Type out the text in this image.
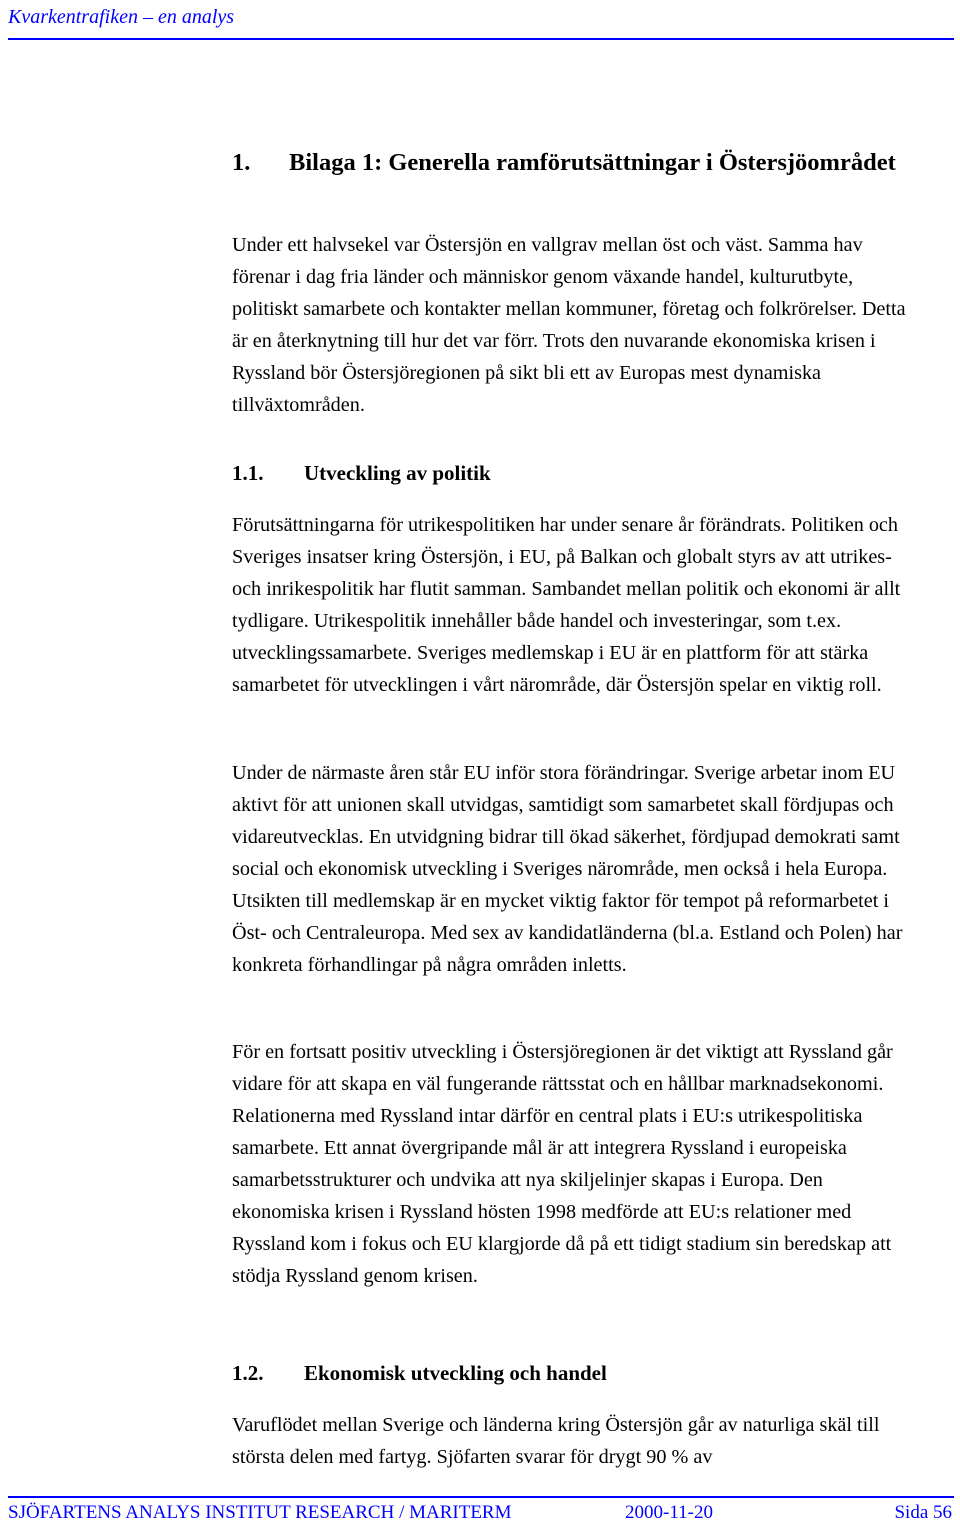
Kvarkentrafiken – en analys
1. Bilaga 1: Generella ramförutsättningar i Östersjöområdet

Under ett halvsekel var Östersjön en vallgrav mellan öst och väst. Samma hav förenar i dag fria länder och människor genom växande handel, kulturutbyte, politiskt samarbete och kontakter mellan kommuner, företag och folkrörelser. Detta är en återknytning till hur det var förr. Trots den nuvarande ekonomiska krisen i Ryssland bör Östersjöregionen på sikt bli ett av Europas mest dynamiska tillväxtområden.

1.1. Utveckling av politik

Förutsättningarna för utrikespolitiken har under senare år förändrats. Politiken och Sveriges insatser kring Östersjön, i EU, på Balkan och globalt styrs av att utrikes- och inrikespolitik har flutit samman. Sambandet mellan politik och ekonomi är allt tydligare. Utrikespolitik innehåller både handel och investeringar, som t.ex. utvecklingssamarbete. Sveriges medlemskap i EU är en plattform för att stärka samarbetet för utvecklingen i vårt närområde, där Östersjön spelar en viktig roll.

Under de närmaste åren står EU inför stora förändringar. Sverige arbetar inom EU aktivt för att unionen skall utvidgas, samtidigt som samarbetet skall fördjupas och vidareutvecklas. En utvidgning bidrar till ökad säkerhet, fördjupad demokrati samt social och ekonomisk utveckling i Sveriges närområde, men också i hela Europa. Utsikten till medlemskap är en mycket viktig faktor för tempot på reformarbetet i Öst- och Centraleuropa. Med sex av kandidatländerna (bl.a. Estland och Polen) har konkreta förhandlingar på några områden inletts.

För en fortsatt positiv utveckling i Östersjöregionen är det viktigt att Ryssland går vidare för att skapa en väl fungerande rättsstat och en hållbar marknadsekonomi. Relationerna med Ryssland intar därför en central plats i EU:s utrikespolitiska samarbete. Ett annat övergripande mål är att integrera Ryssland i europeiska samarbetsstrukturer och undvika att nya skiljelinjer skapas i Europa. Den ekonomiska krisen i Ryssland hösten 1998 medförde att EU:s relationer med Ryssland kom i fokus och EU klargjorde då på ett tidigt stadium sin beredskap att stödja Ryssland genom krisen.

1.2. Ekonomisk utveckling och handel

Varuflödet mellan Sverige och länderna kring Östersjön går av naturliga skäl till största delen med fartyg. Sjöfarten svarar för drygt 90 % av

SJÖFARTENS ANALYS INSTITUT RESEARCH / MARITERM	2000-11-20	Sida 56
